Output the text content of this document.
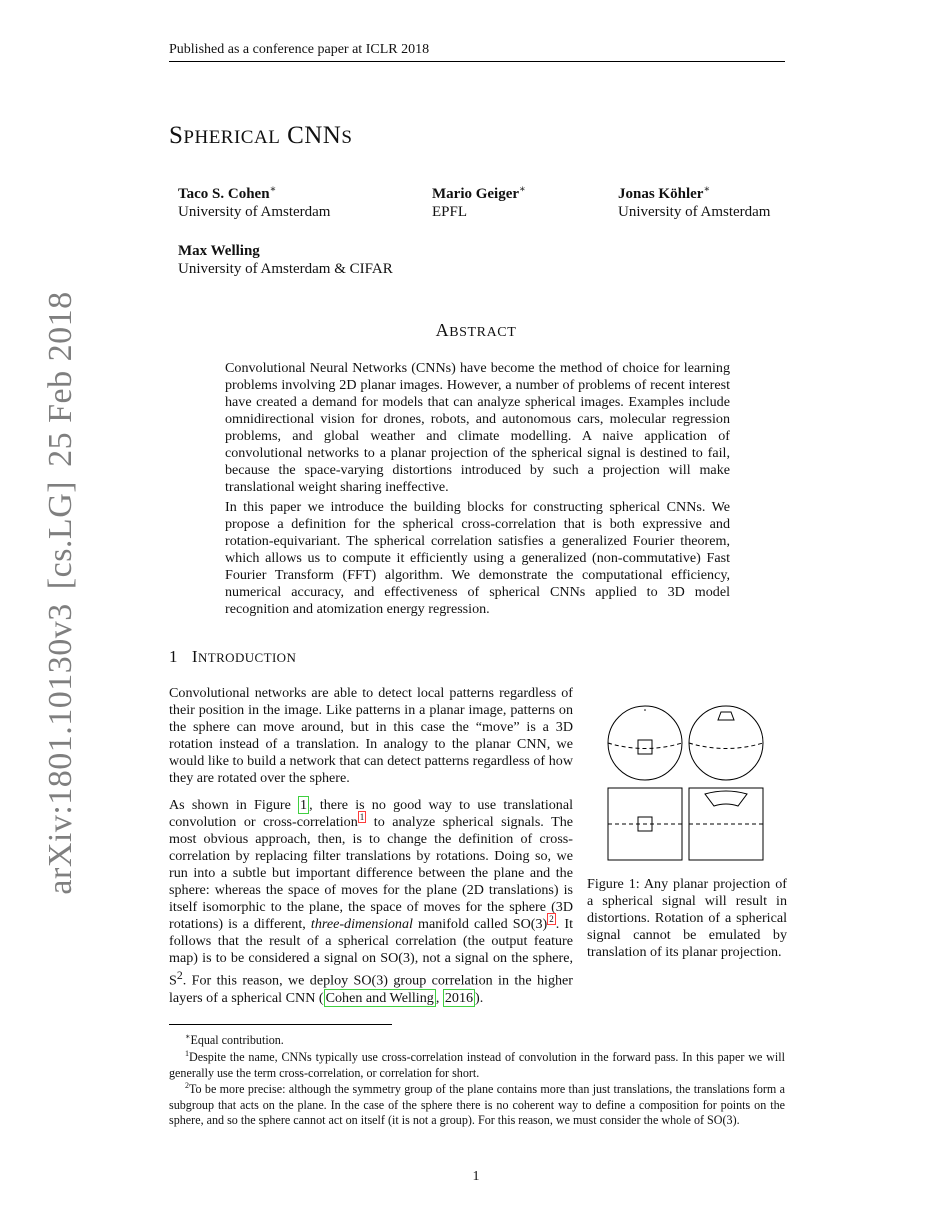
arXiv:1801.10130v3[cs.LG]25 Feb 2018
Published as a conference paper at ICLR 2018
SPHERICAL CNNS
Taco S. Cohen∗
University of Amsterdam
Mario Geiger∗
EPFL
Jonas Köhler∗
University of Amsterdam
Max Welling
University of Amsterdam & CIFAR
ABSTRACT

Convolutional Neural Networks (CNNs) have become the method of choice for learning problems involving 2D planar images. However, a number of problems of recent interest have created a demand for models that can analyze spherical images. Examples include omnidirectional vision for drones, robots, and autonomous cars, molecular regression problems, and global weather and climate modelling. A naive application of convolutional networks to a planar projection of the spherical signal is destined to fail, because the space-varying distortions introduced by such a projection will make translational weight sharing ineffective.

In this paper we introduce the building blocks for constructing spherical CNNs. We propose a definition for the spherical cross-correlation that is both expressive and rotation-equivariant. The spherical correlation satisfies a generalized Fourier theorem, which allows us to compute it efficiently using a generalized (non-commutative) Fast Fourier Transform (FFT) algorithm. We demonstrate the computational efficiency, numerical accuracy, and effectiveness of spherical CNNs applied to 3D model recognition and atomization energy regression.

1 INTRODUCTION

Convolutional networks are able to detect local patterns regardless of their position in the image. Like patterns in a planar image, patterns on the sphere can move around, but in this case the “move” is a 3D rotation instead of a translation. In analogy to the planar CNN, we would like to build a network that can detect patterns regardless of how they are rotated over the sphere.

As shown in Figure 1 , there is no good way to use translational convolution or cross-correlation $^1$ to analyze spherical signals. The most obvious approach, then, is to change the definition of cross-correlation by replacing filter translations by rotations. Doing so, we run into a subtle but important difference between the plane and the sphere: whereas the space of moves for the plane (2D translations) is itself isomorphic to the plane, the space of moves for the sphere (3D rotations) is a different, three-dimensional manifold called SO(3) $^2$ . It follows that the result of a spherical correlation (the output feature map) is to be considered a signal on SO(3), not a signal on the sphere, $S^2$. For this reason, we deploy SO(3) group correlation in the higher layers of a spherical CNN ( Cohen and Welling , 2016 ).

Figure 1: Any planar projection of a spherical signal will result in distortions. Rotation of a spherical signal cannot be emulated by translation of its planar projection.

∗Equal contribution.

$^1$Despite the name, CNNs typically use cross-correlation instead of convolution in the forward pass. In this paper we will generally use the term cross-correlation, or correlation for short.

$^2$To be more precise: although the symmetry group of the plane contains more than just translations, the translations form a subgroup that acts on the plane. In the case of the sphere there is no coherent way to define a composition for points on the sphere, and so the sphere cannot act on itself (it is not a group). For this reason, we must consider the whole of SO(3).

1
